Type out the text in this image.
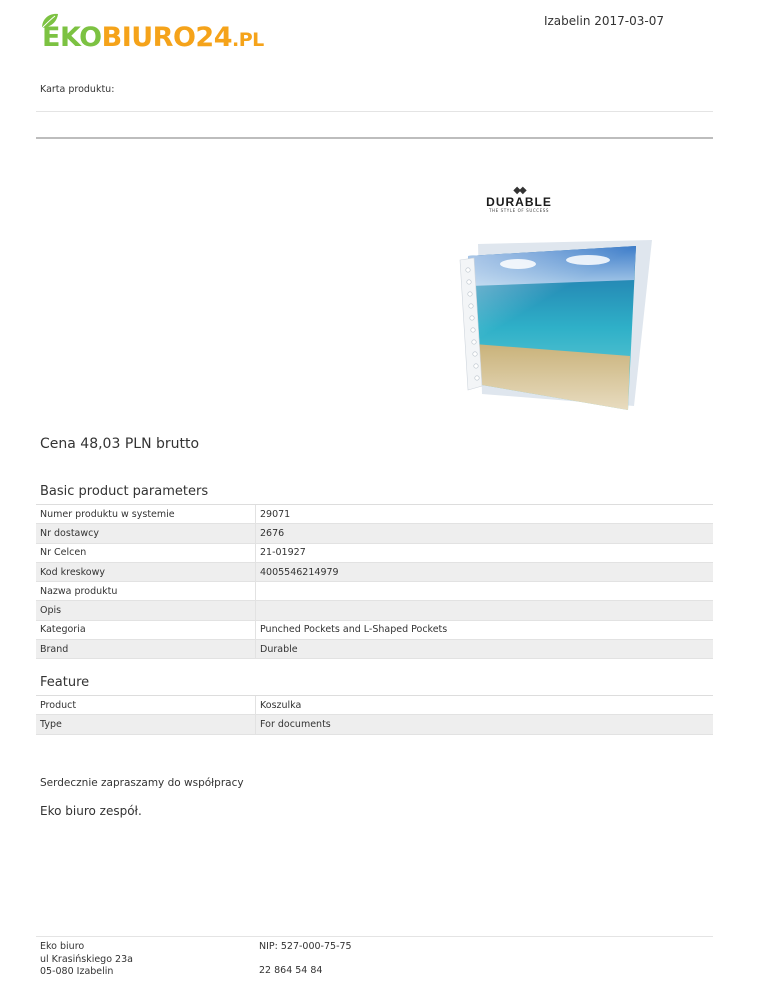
EKOBIURO24.PL
Izabelin 2017-03-07
Karta produktu:
◆◆
DURABLE
THE STYLE OF SUCCESS
Cena 48,03 PLN brutto
Basic product parameters
Numer produktu w systemie	29071
Nr dostawcy	2676
Nr Celcen	21-01927
Kod kreskowy	4005546214979
Nazwa produktu	
Opis	
Kategoria	Punched Pockets and L-Shaped Pockets
Brand	Durable
Feature
Product	Koszulka
Type	For documents
Serdecznie zapraszamy do współpracy
Eko biuro zespół.
Eko biuro
ul Krasińskiego 23a
05-080 Izabelin
NIP: 527-000-75-75
22 864 54 84
